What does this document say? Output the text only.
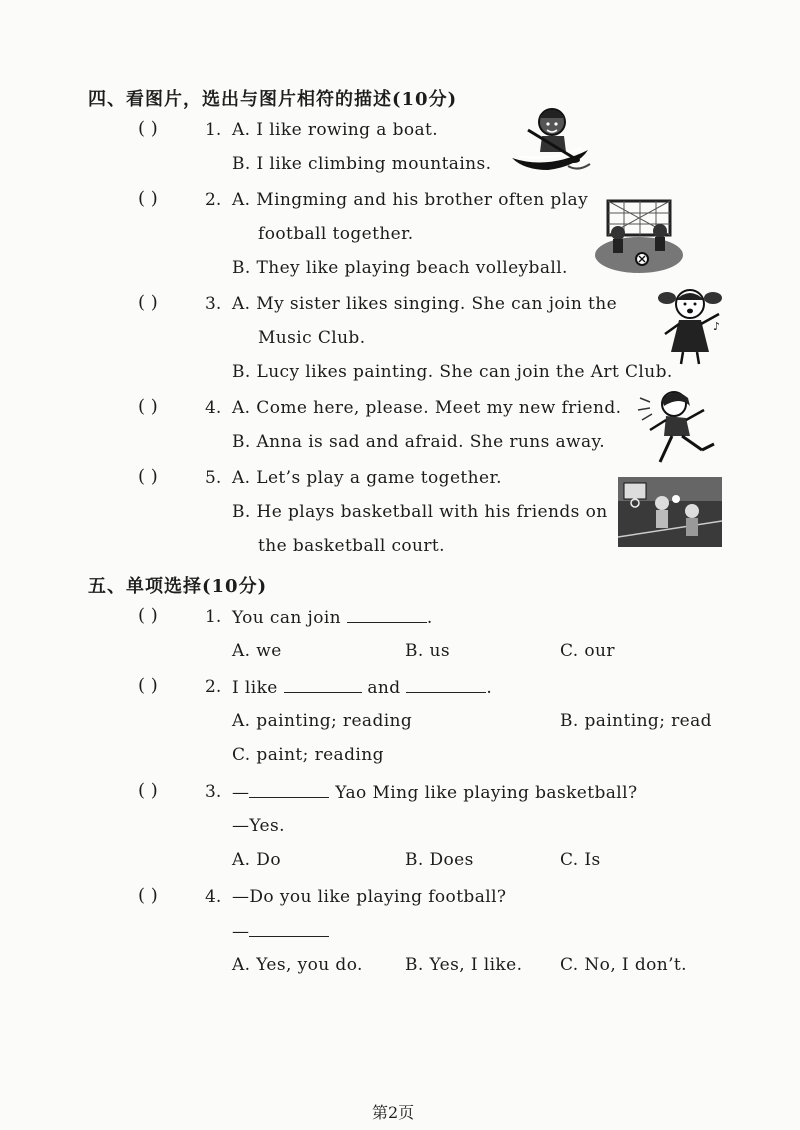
四、看图片，选出与图片相符的描述(10分)
( )	1. A. I like rowing a boat.
B. I like climbing mountains.
( )	2. A. Mingming and his brother often play
football together.
B. They like playing beach volleyball.
( )	3. A. My sister likes singing. She can join the
Music Club.
B. Lucy likes painting. She can join the Art Club.
( )	4. A. Come here, please. Meet my new friend.
B. Anna is sad and afraid. She runs away.
( )	5. A. Let’s play a game together.
B. He plays basketball with his friends on
the basketball court.
♪
五、单项选择(10分)
( )	1. You can join	.
A. we	B. us	C. our
( )	2. I like	and	.
A. painting; reading	B. painting; read
C. paint; reading
( )	3. —	Yao Ming like playing basketball?
—Yes.
A. Do	B. Does	C. Is
( )	4. —Do you like playing football?
—
A. Yes, you do. B. Yes, I like. C. No, I don’t.
第2页
